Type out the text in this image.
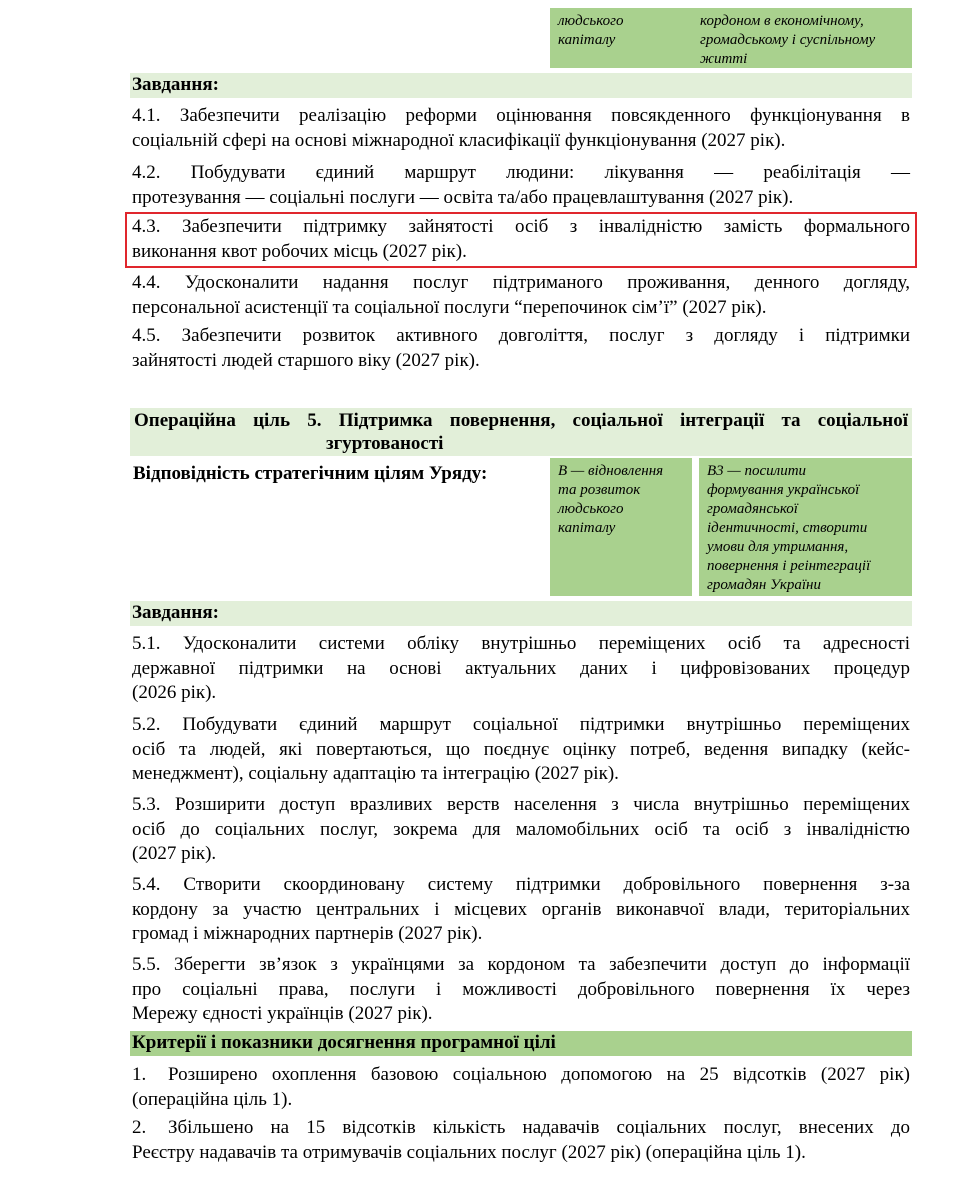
людського
капіталу
кордоном в економічному,
громадському і суспільному
житті
Завдання:
4.1. Забезпечити реалізацію реформи оцінювання повсякденного функціонування в
соціальній сфері на основі міжнародної класифікації функціонування (2027 рік).
4.2. Побудувати єдиний маршрут людини: лікування — реабілітація —
протезування — соціальні послуги — освіта та/або працевлаштування (2027 рік).
4.3. Забезпечити підтримку зайнятості осіб з інвалідністю замість формального
виконання квот робочих місць (2027 рік).
4.4. Удосконалити надання послуг підтриманого проживання, денного догляду,
персональної асистенції та соціальної послуги “перепочинок сім’ї” (2027 рік).
4.5. Забезпечити розвиток активного довголіття, послуг з догляду і підтримки
зайнятості людей старшого віку (2027 рік).
Операційна ціль 5. Підтримка повернення, соціальної інтеграції та соціальної
згуртованості
Відповідність стратегічним цілям Уряду:	В — відновлення
та розвиток
людського
капіталу
В3 — посилити
формування української
громадянської
ідентичності, створити
умови для утримання,
повернення і реінтеграції
громадян України
Завдання:
5.1. Удосконалити системи обліку внутрішньо переміщених осіб та адресності
державної підтримки на основі актуальних даних і цифровізованих процедур
(2026 рік).
5.2. Побудувати єдиний маршрут соціальної підтримки внутрішньо переміщених
осіб та людей, які повертаються, що поєднує оцінку потреб, ведення випадку (кейс-
менеджмент), соціальну адаптацію та інтеграцію (2027 рік).
5.3. Розширити доступ вразливих верств населення з числа внутрішньо переміщених
осіб до соціальних послуг, зокрема для маломобільних осіб та осіб з інвалідністю
(2027 рік).
5.4. Створити скоординовану систему підтримки добровільного повернення з-за
кордону за участю центральних і місцевих органів виконавчої влади, територіальних
громад і міжнародних партнерів (2027 рік).
5.5. Зберегти зв’язок з українцями за кордоном та забезпечити доступ до інформації
про соціальні права, послуги і можливості добровільного повернення їх через
Мережу єдності українців (2027 рік).
Критерії і показники досягнення програмної цілі
1. Розширено охоплення базовою соціальною допомогою на 25 відсотків (2027 рік)
(операційна ціль 1).
2. Збільшено на 15 відсотків кількість надавачів соціальних послуг, внесених до
Реєстру надавачів та отримувачів соціальних послуг (2027 рік) (операційна ціль 1).
